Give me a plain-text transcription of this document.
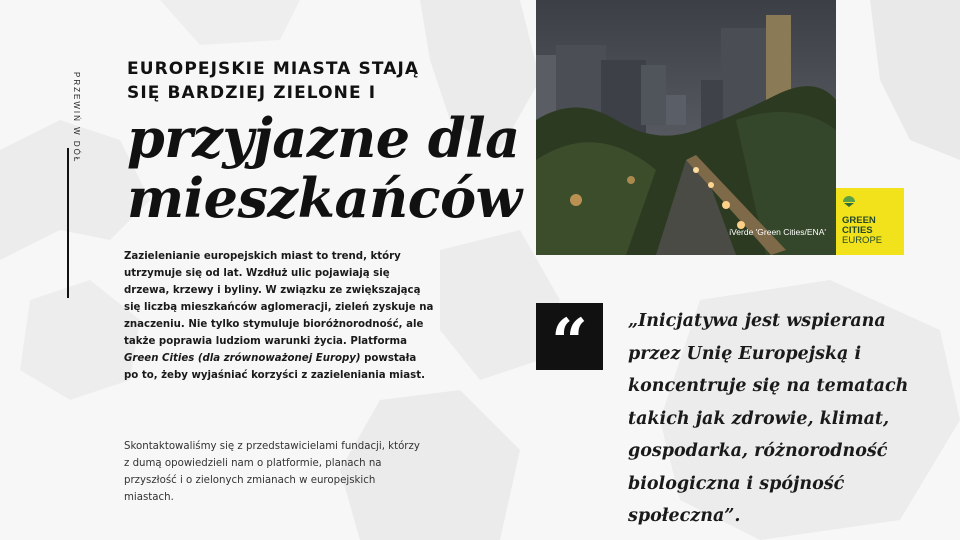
PRZEWIŃ W DÓŁ
EUROPEJSKIE MIASTA STAJĄ
SIĘ BARDZIEJ ZIELONE I
przyjazne dla
mieszkańców
Zazielenianie europejskich miast to trend, który utrzymuje się od lat. Wzdłuż ulic pojawiają się drzewa, krzewy i byliny. W związku ze zwiększającą się liczbą mieszkańców aglomeracji, zieleń zyskuje na znaczeniu. Nie tylko stymuluje bioróżnorodność, ale także poprawia ludziom warunki życia. Platforma Green Cities (dla zrównoważonej Europy) powstała po to, żeby wyjaśniać korzyści z zazieleniania miast.
Skontaktowaliśmy się z przedstawicielami fundacji, którzy z dumą opowiedzieli nam o platformie, planach na przyszłość i o zielonych zmianach w europejskich miastach.
iVerde 'Green Cities/ENA'
GREEN
CITIES
EUROPE
“	„Inicjatywa jest wspierana przez Unię Europejską i koncentruje się na tematach takich jak zdrowie, klimat, gospodarka, różnorodność biologiczna i spójność społeczna”.
